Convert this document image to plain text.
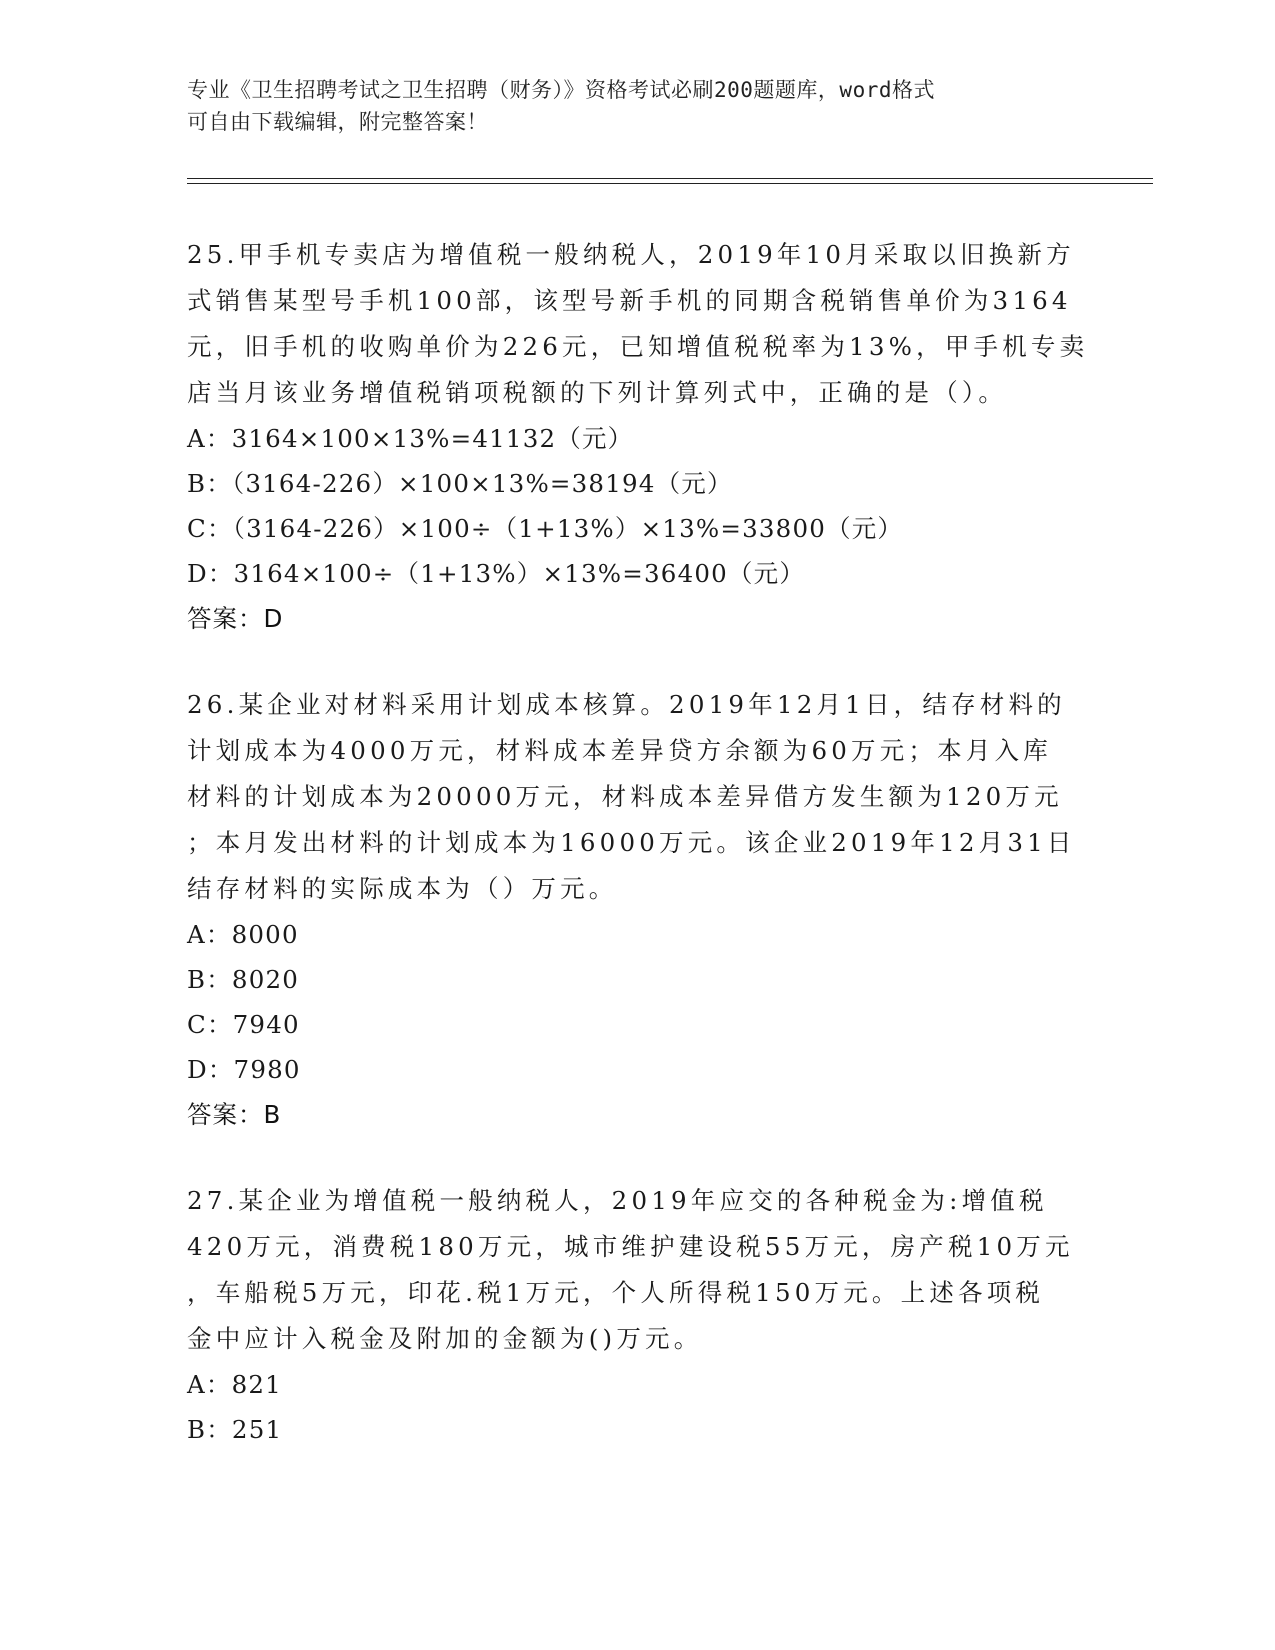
专业《卫生招聘考试之卫生招聘（财务）》资格考试必刷200题题库，word格式
可自由下载编辑，附完整答案！

25.甲手机专卖店为增值税一般纳税人，2019年10月采取以旧换新方
式销售某型号手机100部，该型号新手机的同期含税销售单价为3164
元，旧手机的收购单价为226元，已知增值税税率为13%，甲手机专卖
店当月该业务增值税销项税额的下列计算列式中，正确的是（）。

A：3164×100×13%=41132（元）

B：（3164-226）×100×13%=38194（元）

C：（3164-226）×100÷（1+13%）×13%=33800（元）

D：3164×100÷（1+13%）×13%=36400（元）

答案：D

26.某企业对材料采用计划成本核算。2019年12月1日，结存材料的
计划成本为4000万元，材料成本差异贷方余额为60万元；本月入库
材料的计划成本为20000万元，材料成本差异借方发生额为120万元
；本月发出材料的计划成本为16000万元。该企业2019年12月31日
结存材料的实际成本为（）万元。

A：8000

B：8020

C：7940

D：7980

答案：B

27.某企业为增值税一般纳税人，2019年应交的各种税金为:增值税
420万元，消费税180万元，城市维护建设税55万元，房产税10万元
，车船税5万元，印花.税1万元，个人所得税150万元。上述各项税
金中应计入税金及附加的金额为()万元。

A：821

B：251
